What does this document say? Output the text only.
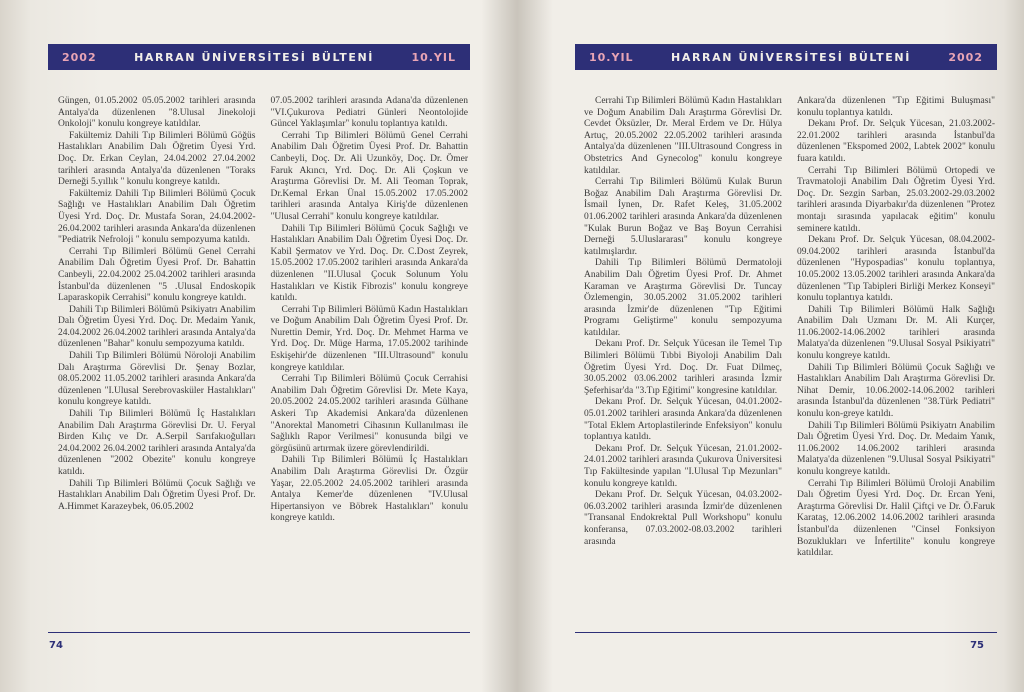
2002	HARRAN ÜNİVERSİTESİ BÜLTENİ	10.YIL

Güngen, 01.05.2002 05.05.2002 tarihleri arasında Antalya'da düzenlenen "8.Ulusal Jinekoloji Onkoloji" konulu kongreye katıldılar.

Fakültemiz Dahili Tıp Bilimleri Bölümü Göğüs Hastalıkları Anabilim Dalı Öğretim Üyesi Yrd. Doç. Dr. Erkan Ceylan, 24.04.2002 27.04.2002 tarihleri arasında Antalya'da düzenlenen "Toraks Derneği 5.yıllık " konulu kongreye katıldı.

Fakültemiz Dahili Tıp Bilimleri Bölümü Çocuk Sağlığı ve Hastalıkları Anabilim Dalı Öğretim Üyesi Yrd. Doç. Dr. Mustafa Soran, 24.04.2002-26.04.2002 tarihleri arasında Ankara'da düzenlenen "Pediatrik Nefroloji " konulu sempozyuma katıldı.

Cerrahi Tıp Bilimleri Bölümü Genel Cerrahi Anabilim Dalı Öğretim Üyesi Prof. Dr. Bahattin Canbeyli, 22.04.2002 25.04.2002 tarihleri arasında İstanbul'da düzenlenen "5 .Ulusal Endoskopik Laparaskopik Cerrahisi" konulu kongreye katıldı.

Dahili Tıp Bilimleri Bölümü Psikiyatrı Anabilim Dalı Öğretim Üyesi Yrd. Doç. Dr. Medaim Yanık, 24.04.2002 26.04.2002 tarihleri arasında Antalya'da düzenlenen "Bahar" konulu sempozyuma katıldı.

Dahili Tıp Bilimleri Bölümü Nöroloji Anabilim Dalı Araştırma Görevlisi Dr. Şenay Bozlar, 08.05.2002 11.05.2002 tarihleri arasında Ankara'da düzenlenen "I.Ulusal Serebrovasküler Hastalıkları" konulu kongreye katıldı.

Dahili Tıp Bilimleri Bölümü İç Hastalıkları Anabilim Dalı Araştırma Görevlisi Dr. U. Feryal Birden Kılıç ve Dr. A.Serpil Sarıfakıoğulları 24.04.2002 26.04.2002 tarihleri arasında Antalya'da düzenlenen "2002 Obezite" konulu kongreye katıldı.

Dahili Tıp Bilimleri Bölümü Çocuk Sağlığı ve Hastalıkları Anabilim Dalı Öğretim Üyesi Prof. Dr. A.Himmet Karazeybek, 06.05.2002

07.05.2002 tarihleri arasında Adana'da düzenlenen "VI.Çukurova Pediatri Günleri Neontolojide Güncel Yaklaşımlar" konulu toplantıya katıldı.

Cerrahi Tıp Bilimleri Bölümü Genel Cerrahi Anabilim Dalı Öğretim Üyesi Prof. Dr. Bahattin Canbeyli, Doç. Dr. Ali Uzunköy, Doç. Dr. Ömer Faruk Akıncı, Yrd. Doç. Dr. Ali Çoşkun ve Araştırma Görevlisi Dr. M. Ali Teoman Toprak, Dr.Kemal Erkan Ünal 15.05.2002 17.05.2002 tarihleri arasında Antalya Kiriş'de düzenlenen "Ulusal Cerrahi" konulu kongreye katıldılar.

Dahili Tıp Bilimleri Bölümü Çocuk Sağlığı ve Hastalıkları Anabilim Dalı Öğretim Üyesi Doç. Dr. Kabil Şermatov ve Yrd. Doç. Dr. C.Dost Zeyrek, 15.05.2002 17.05.2002 tarihleri arasında Ankara'da düzenlenen "II.Ulusal Çocuk Solunum Yolu Hastalıkları ve Kistik Fibrozis" konulu kongreye katıldı.

Cerrahi Tıp Bilimleri Bölümü Kadın Hastalıkları ve Doğum Anabilim Dalı Öğretim Üyesi Prof. Dr. Nurettin Demir, Yrd. Doç. Dr. Mehmet Harma ve Yrd. Doç. Dr. Müge Harma, 17.05.2002 tarihinde Eskişehir'de düzenlenen "III.Ultrasound" konulu kongreye katıldılar.

Cerrahi Tıp Bilimleri Bölümü Çocuk Cerrahisi Anabilim Dalı Öğretim Görevlisi Dr. Mete Kaya, 20.05.2002 24.05.2002 tarihleri arasında Gülhane Askeri Tıp Akademisi Ankara'da düzenlenen "Anorektal Manometri Cihasının Kullanılması ile Sağlıklı Rapor Verilmesi" konusunda bilgi ve görgüsünü artırmak üzere görevlendirildi.

Dahili Tıp Bilimleri Bölümü İç Hastalıkları Anabilim Dalı Araştırma Görevlisi Dr. Özgür Yaşar, 22.05.2002 24.05.2002 tarihleri arasında Antalya Kemer'de düzenlenen "IV.Ulusal Hipertansiyon ve Böbrek Hastalıkları" konulu kongreye katıldı.

74
10.YIL	HARRAN ÜNİVERSİTESİ BÜLTENİ	2002

Cerrahi Tıp Bilimleri Bölümü Kadın Hastalıkları ve Doğum Anabilim Dalı Araştırma Görevlisi Dr. Cevdet Öksüzler, Dr. Meral Erdem ve Dr. Hülya Artuç, 20.05.2002 22.05.2002 tarihleri arasında Antalya'da düzenlenen "III.Ultrasound Congress in Obstetrics And Gynecolog" konulu kongreye katıldılar.

Cerrahi Tıp Bilimleri Bölümü Kulak Burun Boğaz Anabilim Dalı Araştırma Görevlisi Dr. İsmail İynen, Dr. Rafet Keleş, 31.05.2002 01.06.2002 tarihleri arasında Ankara'da düzenlenen "Kulak Burun Boğaz ve Baş Boyun Cerrahisi Derneği 5.Uluslararası" konulu kongreye katılmışlardır.

Dahili Tıp Bilimleri Bölümü Dermatoloji Anabilim Dalı Öğretim Üyesi Prof. Dr. Ahmet Karaman ve Araştırma Görevlisi Dr. Tuncay Özlemengin, 30.05.2002 31.05.2002 tarihleri arasında İzmir'de düzenlenen "Tıp Eğitimi Programı Geliştirme" konulu sempozyuma katıldılar.

Dekanı Prof. Dr. Selçuk Yücesan ile Temel Tıp Bilimleri Bölümü Tıbbi Biyoloji Anabilim Dalı Öğretim Üyesi Yrd. Doç. Dr. Fuat Dilmeç, 30.05.2002 03.06.2002 tarihleri arasında İzmir Şeferhisar'da "3.Tıp Eğitimi" kongresine katıldılar.

Dekanı Prof. Dr. Selçuk Yücesan, 04.01.2002-05.01.2002 tarihleri arasında Ankara'da düzenlenen "Total Eklem Artoplastilerinde Enfeksiyon" konulu toplantıya katıldı.

Dekanı Prof. Dr. Selçuk Yücesan, 21.01.2002-24.01.2002 tarihleri arasında Çukurova Üniversitesi Tıp Fakültesinde yapılan "I.Ulusal Tıp Mezunları" konulu kongreye katıldı.

Dekanı Prof. Dr. Selçuk Yücesan, 04.03.2002-06.03.2002 tarihleri arasında İzmir'de düzenlenen "Transanal Endokrektal Pull Workshopu" konulu konferansa, 07.03.2002-08.03.2002 tarihleri arasında

Ankara'da düzenlenen "Tıp Eğitimi Buluşması" konulu toplantıya katıldı.

Dekanı Prof. Dr. Selçuk Yücesan, 21.03.2002-22.01.2002 tarihleri arasında İstanbul'da düzenlenen "Ekspomed 2002, Labtek 2002" konulu fuara katıldı.

Cerrahi Tıp Bilimleri Bölümü Ortopedi ve Travmatoloji Anabilim Dalı Öğretim Üyesi Yrd. Doç. Dr. Sezgin Sarban, 25.03.2002-29.03.2002 tarihleri arasında Diyarbakır'da düzenlenen "Protez montajı sırasında yapılacak eğitim" konulu seminere katıldı.

Dekanı Prof. Dr. Selçuk Yücesan, 08.04.2002-09.04.2002 tarihleri arasında İstanbul'da düzenlenen "Hypospadias" konulu toplantıya, 10.05.2002 13.05.2002 tarihleri arasında Ankara'da düzenlenen "Tıp Tabipleri Birliği Merkez Konseyi" konulu toplantıya katıldı.

Dahili Tıp Bilimleri Bölümü Halk Sağlığı Anabilim Dalı Uzmanı Dr. M. Ali Kurçer, 11.06.2002-14.06.2002 tarihleri arasında Malatya'da düzenlenen "9.Ulusal Sosyal Psikiyatri" konulu kongreye katıldı.

Dahili Tıp Bilimleri Bölümü Çocuk Sağlığı ve Hastalıkları Anabilim Dalı Araştırma Görevlisi Dr. Nihat Demir, 10.06.2002-14.06.2002 tarihleri arasında İstanbul'da düzenlenen "38.Türk Pediatri" konulu kon-greye katıldı.

Dahili Tıp Bilimleri Bölümü Psikiyatrı Anabilim Dalı Öğretim Üyesi Yrd. Doç. Dr. Medaim Yanık, 11.06.2002 14.06.2002 tarihleri arasında Malatya'da düzenlenen "9.Ulusal Sosyal Psikiyatri" konulu kongreye katıldı.

Cerrahi Tıp Bilimleri Bölümü Üroloji Anabilim Dalı Öğretim Üyesi Yrd. Doç. Dr. Ercan Yeni, Araştırma Görevlisi Dr. Halil Çiftçi ve Dr. Ö.Faruk Karataş, 12.06.2002 14.06.2002 tarihleri arasında İstanbul'da düzenlenen "Cinsel Fonksiyon Bozuklukları ve İnfertilite" konulu kongreye katıldılar.

75
